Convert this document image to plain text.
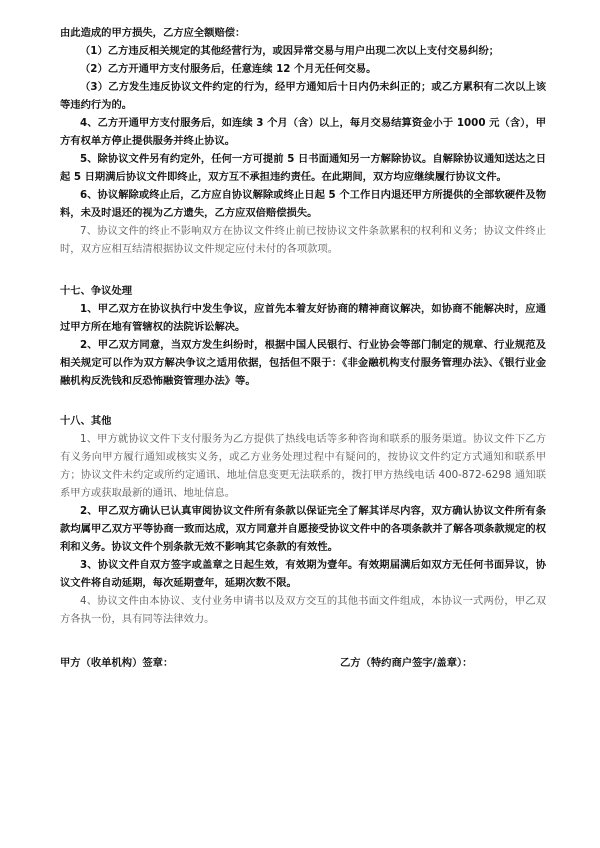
由此造成的甲方损失，乙方应全额赔偿：

（1）乙方违反相关规定的其他经营行为，或因异常交易与用户出现二次以上支付交易纠纷；

（2）乙方开通甲方支付服务后，任意连续 12 个月无任何交易。

（3）乙方发生违反协议文件约定的行为，经甲方通知后十日内仍未纠正的；或乙方累积有二次以上该等违约行为的。

4、乙方开通甲方支付服务后，如连续 3 个月（含）以上，每月交易结算资金小于 1000 元（含），甲方有权单方停止提供服务并终止协议。

5、除协议文件另有约定外，任何一方可提前 5 日书面通知另一方解除协议。自解除协议通知送达之日起 5 日期满后协议文件即终止，双方互不承担违约责任。在此期间，双方均应继续履行协议文件。

6、协议解除或终止后，乙方应自协议解除或终止日起 5 个工作日内退还甲方所提供的全部软硬件及物料，未及时退还的视为乙方遗失，乙方应双倍赔偿损失。

7、协议文件的终止不影响双方在协议文件终止前已按协议文件条款累积的权利和义务；协议文件终止时，双方应相互结清根据协议文件规定应付未付的各项款项。

十七、争议处理

1、甲乙双方在协议执行中发生争议，应首先本着友好协商的精神商议解决，如协商不能解决时，应通过甲方所在地有管辖权的法院诉讼解决。

2、甲乙双方同意，当双方发生纠纷时，根据中国人民银行、行业协会等部门制定的规章、行业规范及相关规定可以作为双方解决争议之适用依据，包括但不限于：《非金融机构支付服务管理办法》、《银行业金融机构反洗钱和反恐怖融资管理办法》等。

十八、其他

1、甲方就协议文件下支付服务为乙方提供了热线电话等多种咨询和联系的服务渠道。协议文件下乙方有义务向甲方履行通知或核实义务，或乙方业务处理过程中有疑问的，按协议文件约定方式通知和联系甲方；协议文件未约定或所约定通讯、地址信息变更无法联系的，拨打甲方热线电话 400-872-6298 通知联系甲方或获取最新的通讯、地址信息。

2、甲乙双方确认已认真审阅协议文件所有条款以保证完全了解其详尽内容，双方确认协议文件所有条款均属甲乙双方平等协商一致而达成，双方同意并自愿接受协议文件中的各项条款并了解各项条款规定的权利和义务。协议文件个别条款无效不影响其它条款的有效性。

3、协议文件自双方签字或盖章之日起生效，有效期为壹年。有效期届满后如双方无任何书面异议，协议文件将自动延期，每次延期壹年，延期次数不限。

4、协议文件由本协议、支付业务申请书以及双方交互的其他书面文件组成，本协议一式两份，甲乙双方各执一份，具有同等法律效力。

甲方（收单机构）签章：	乙方（特约商户签字/盖章）：
